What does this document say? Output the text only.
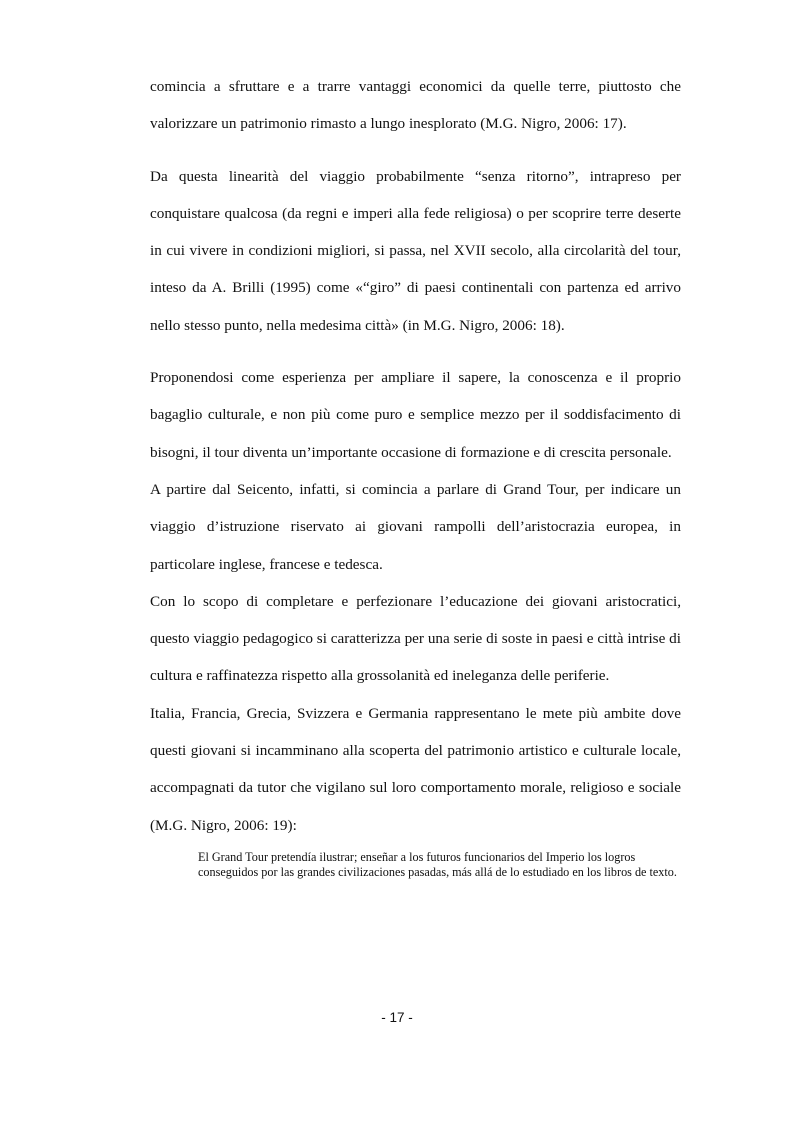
comincia a sfruttare e a trarre vantaggi economici da quelle terre, piuttosto che valorizzare un patrimonio rimasto a lungo inesplorato (M.G. Nigro, 2006: 17).

Da questa linearità del viaggio probabilmente “senza ritorno”, intrapreso per conquistare qualcosa (da regni e imperi alla fede religiosa) o per scoprire terre deserte in cui vivere in condizioni migliori, si passa, nel XVII secolo, alla circolarità del tour, inteso da A. Brilli (1995) come «“giro” di paesi continentali con partenza ed arrivo nello stesso punto, nella medesima città» (in M.G. Nigro, 2006: 18).

Proponendosi come esperienza per ampliare il sapere, la conoscenza e il proprio bagaglio culturale, e non più come puro e semplice mezzo per il soddisfacimento di bisogni, il tour diventa un’importante occasione di formazione e di crescita personale.

A partire dal Seicento, infatti, si comincia a parlare di Grand Tour, per indicare un viaggio d’istruzione riservato ai giovani rampolli dell’aristocrazia europea, in particolare inglese, francese e tedesca.

Con lo scopo di completare e perfezionare l’educazione dei giovani aristocratici, questo viaggio pedagogico si caratterizza per una serie di soste in paesi e città intrise di cultura e raffinatezza rispetto alla grossolanità ed ineleganza delle periferie.

Italia, Francia, Grecia, Svizzera e Germania rappresentano le mete più ambite dove questi giovani si incamminano alla scoperta del patrimonio artistico e culturale locale, accompagnati da tutor che vigilano sul loro comportamento morale, religioso e sociale (M.G. Nigro, 2006: 19):

El Grand Tour pretendía ilustrar; enseñar a los futuros funcionarios del Imperio los logros conseguidos por las grandes civilizaciones pasadas, más allá de lo estudiado en los libros de texto.

- 17 -
